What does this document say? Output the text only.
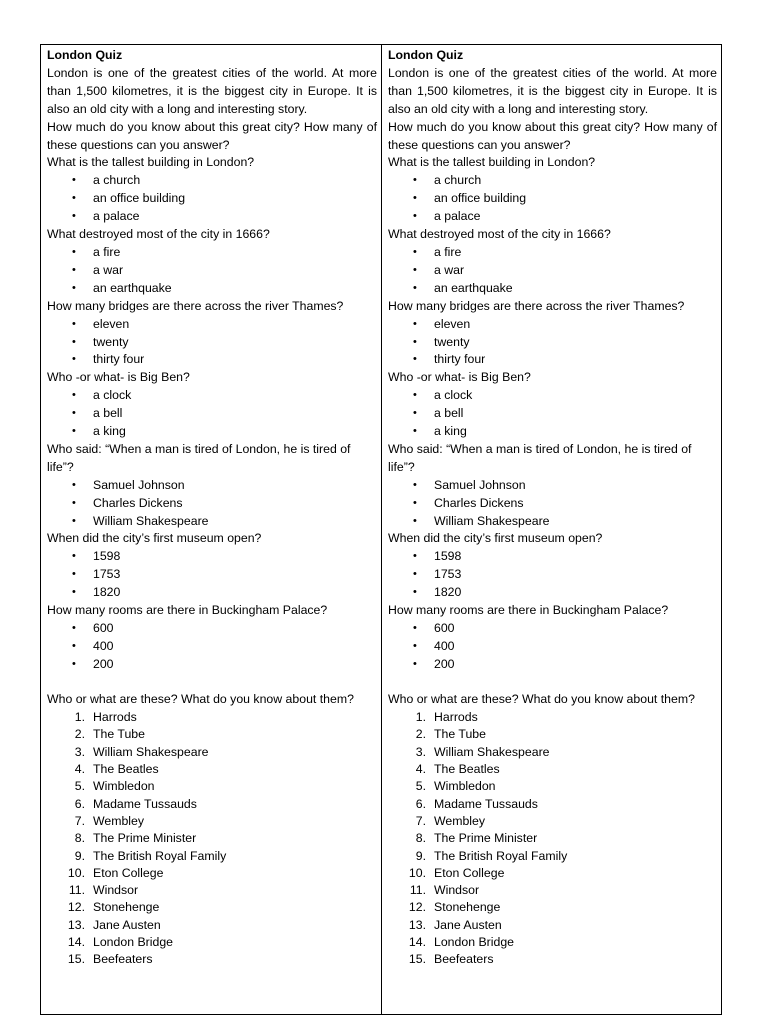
London Quiz
London is one of the greatest cities of the world. At more than 1,500 kilometres, it is the biggest city in Europe. It is also an old city with a long and interesting story.
How much do you know about this great city? How many of these questions can you answer?
What is the tallest building in London?
• a church
• an office building
• a palace
What destroyed most of the city in 1666?
• a fire
• a war
• an earthquake
How many bridges are there across the river Thames?
• eleven
• twenty
• thirty four
Who -or what- is Big Ben?
• a clock
• a bell
• a king
Who said: “When a man is tired of London, he is tired of life”?
• Samuel Johnson
• Charles Dickens
• William Shakespeare
When did the city’s first museum open?
• 1598
• 1753
• 1820
How many rooms are there in Buckingham Palace?
• 600
• 400
• 200
Who or what are these? What do you know about them?
1. Harrods
2. The Tube
3. William Shakespeare
4. The Beatles
5. Wimbledon
6. Madame Tussauds
7. Wembley
8. The Prime Minister
9. The British Royal Family
10. Eton College
11. Windsor
12. Stonehenge
13. Jane Austen
14. London Bridge
15. Beefeaters
London Quiz
London is one of the greatest cities of the world. At more than 1,500 kilometres, it is the biggest city in Europe. It is also an old city with a long and interesting story.
How much do you know about this great city? How many of these questions can you answer?
What is the tallest building in London?
• a church
• an office building
• a palace
What destroyed most of the city in 1666?
• a fire
• a war
• an earthquake
How many bridges are there across the river Thames?
• eleven
• twenty
• thirty four
Who -or what- is Big Ben?
• a clock
• a bell
• a king
Who said: “When a man is tired of London, he is tired of life”?
• Samuel Johnson
• Charles Dickens
• William Shakespeare
When did the city’s first museum open?
• 1598
• 1753
• 1820
How many rooms are there in Buckingham Palace?
• 600
• 400
• 200
Who or what are these? What do you know about them?
1. Harrods
2. The Tube
3. William Shakespeare
4. The Beatles
5. Wimbledon
6. Madame Tussauds
7. Wembley
8. The Prime Minister
9. The British Royal Family
10. Eton College
11. Windsor
12. Stonehenge
13. Jane Austen
14. London Bridge
15. Beefeaters
